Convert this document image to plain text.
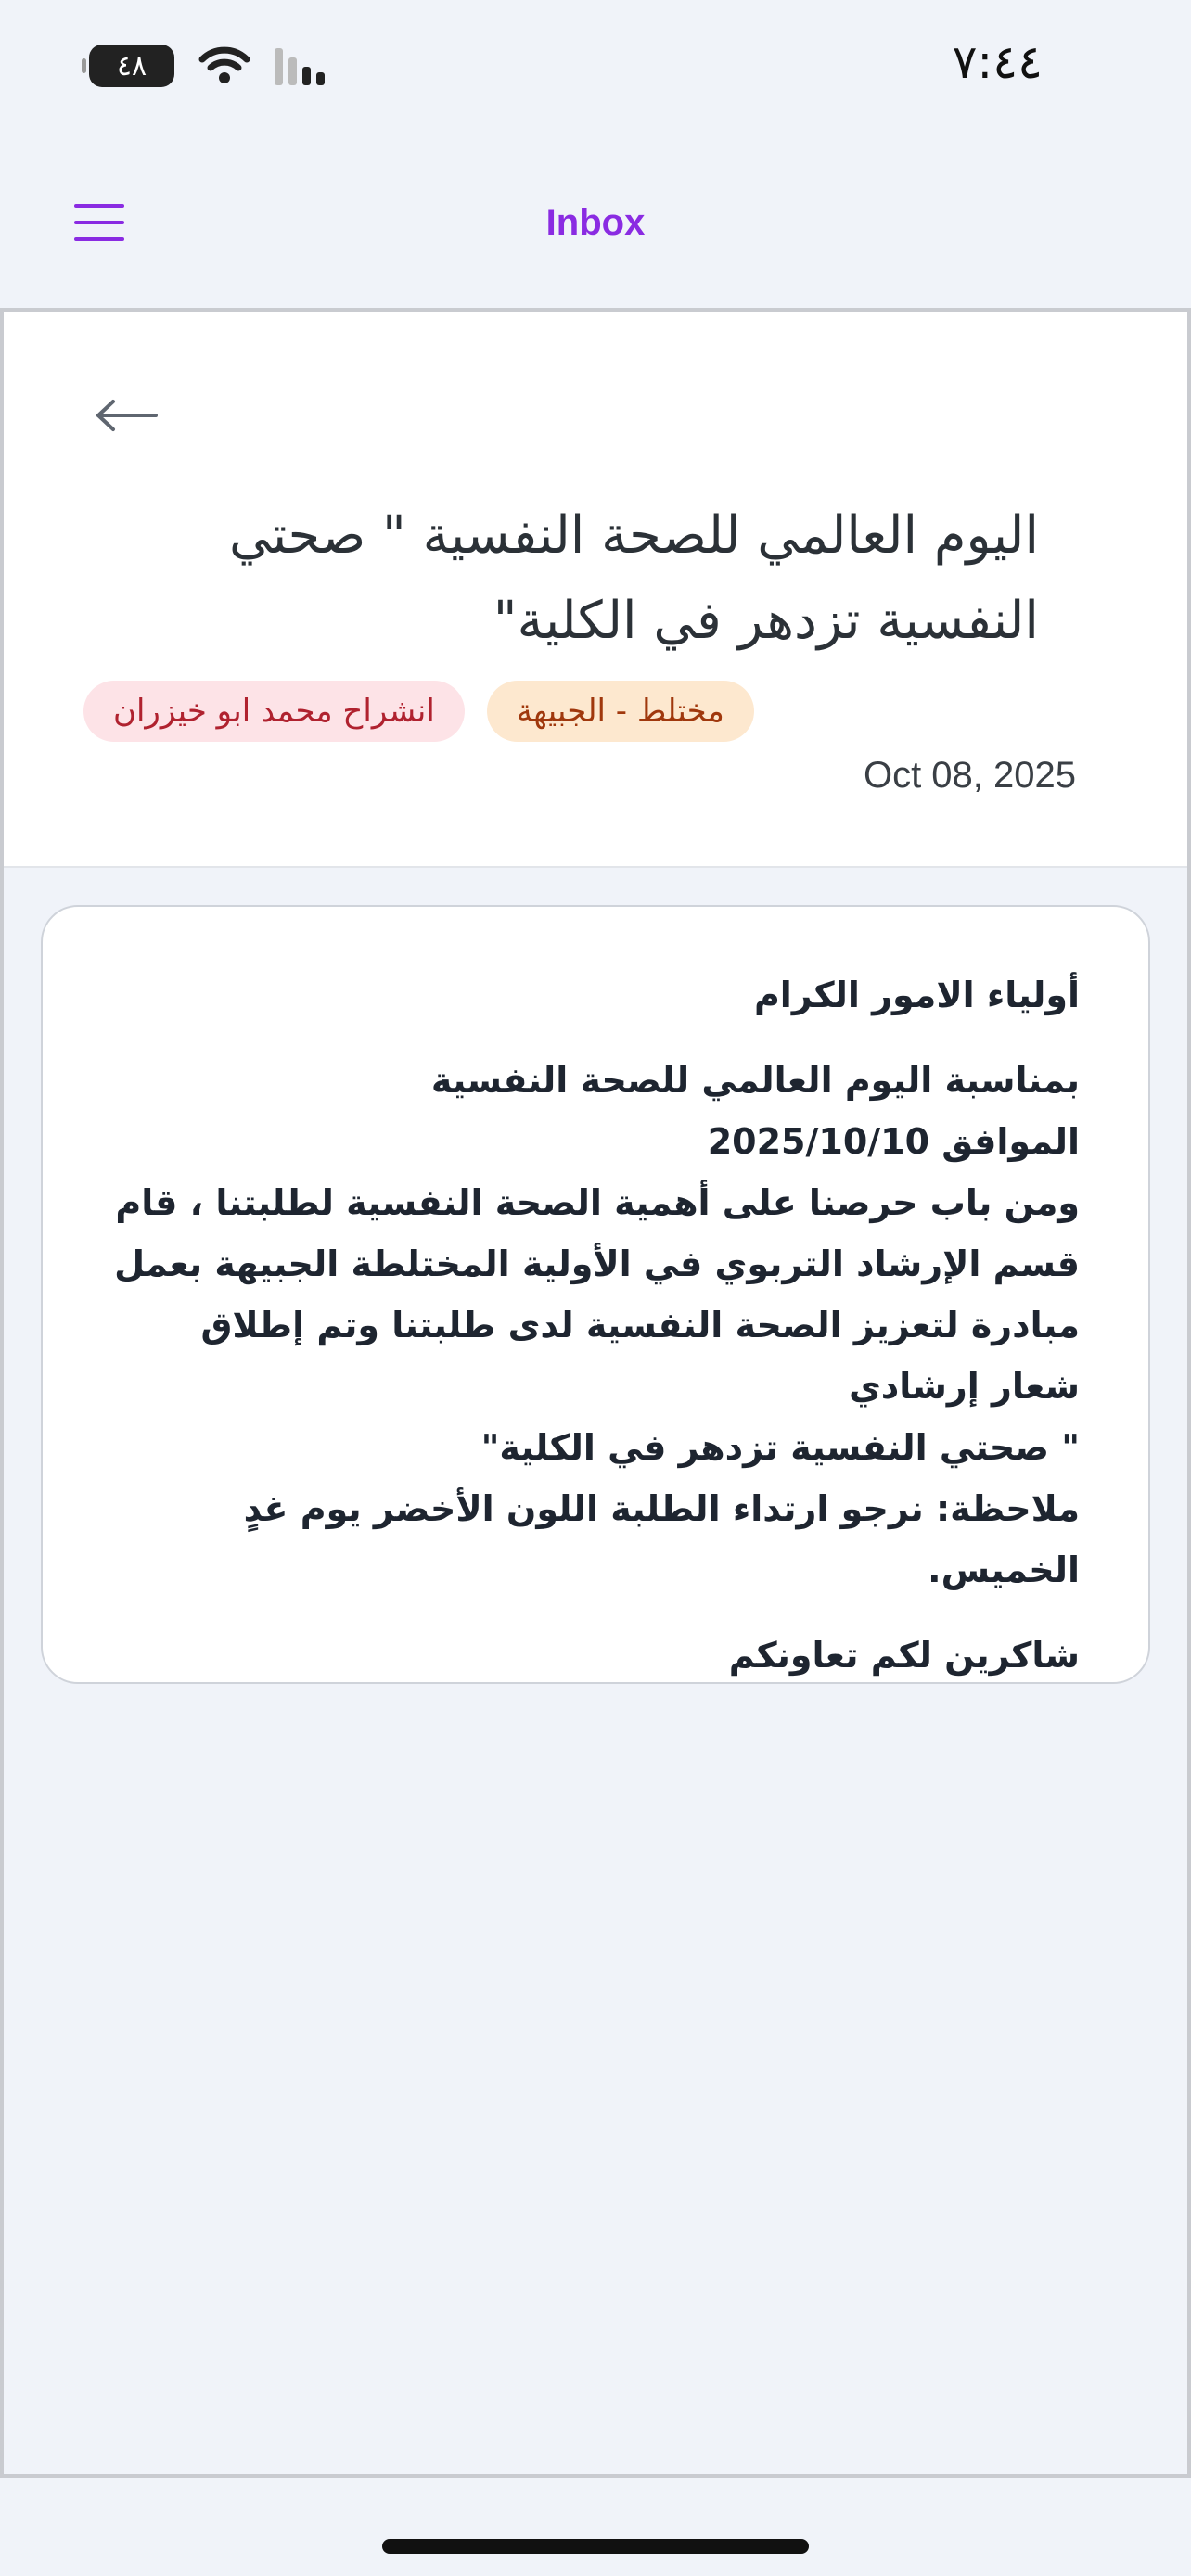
٤٨	٧:٤٤
Inbox
اليوم العالمي للصحة النفسية " صحتي النفسية تزدهر في الكلية"
انشراح محمد ابو خيزران	مختلط - الجبيهة
Oct 08, 2025

أولياء الامور الكرام

بمناسبة اليوم العالمي للصحة النفسية

الموافق 2025/10/10

ومن باب حرصنا على أهمية الصحة النفسية لطلبتنا ، قام

قسم الإرشاد التربوي في الأولية المختلطة الجبيهة بعمل

مبادرة لتعزيز الصحة النفسية لدى طلبتنا وتم إطلاق

شعار إرشادي

" صحتي النفسية تزدهر في الكلية"

ملاحظة: نرجو ارتداء الطلبة اللون الأخضر يوم غدٍ الخميس.

شاكرين لكم تعاونكم
